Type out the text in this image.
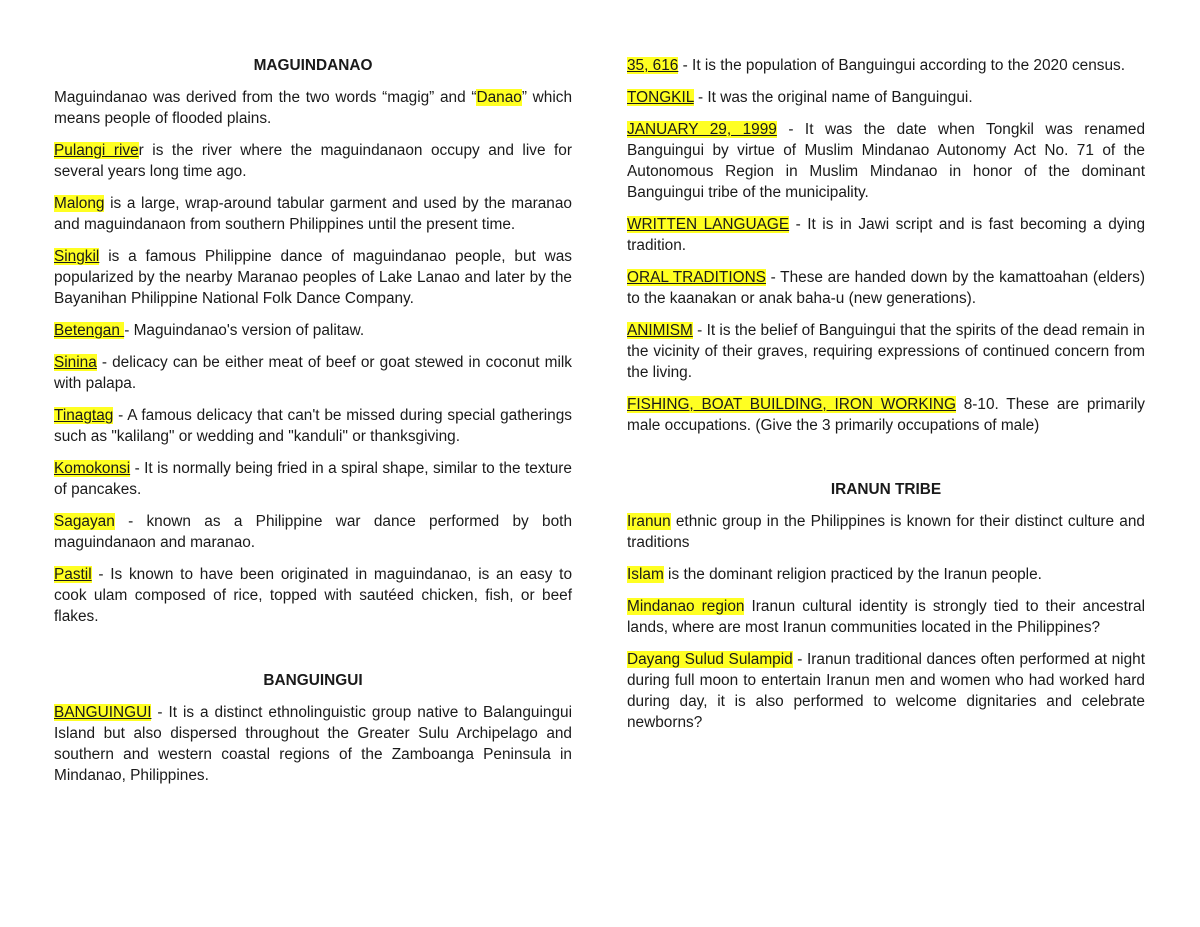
MAGUINDANAO
Maguindanao was derived from the two words “magig” and “Danao” which means people of flooded plains.
Pulangi river is the river where the maguindanaon occupy and live for several years long time ago.
Malong is a large, wrap-around tabular garment and used by the maranao and maguindanaon from southern Philippines until the present time.
Singkil is a famous Philippine dance of maguindanao people, but was popularized by the nearby Maranao peoples of Lake Lanao and later by the Bayanihan Philippine National Folk Dance Company.
Betengan - Maguindanao's version of palitaw.
Sinina - delicacy can be either meat of beef or goat stewed in coconut milk with palapa.
Tinagtag - A famous delicacy that can't be missed during special gatherings such as "kalilang" or wedding and "kanduli" or thanksgiving.
Komokonsi - It is normally being fried in a spiral shape, similar to the texture of pancakes.
Sagayan - known as a Philippine war dance performed by both maguindanaon and maranao.
Pastil - Is known to have been originated in maguindanao, is an easy to cook ulam composed of rice, topped with sautéed chicken, fish, or beef flakes.
BANGUINGUI
BANGUINGUI - It is a distinct ethnolinguistic group native to Balanguingui Island but also dispersed throughout the Greater Sulu Archipelago and southern and western coastal regions of the Zamboanga Peninsula in Mindanao, Philippines.
35, 616 - It is the population of Banguingui according to the 2020 census.
TONGKIL - It was the original name of Banguingui.
JANUARY 29, 1999 - It was the date when Tongkil was renamed Banguingui by virtue of Muslim Mindanao Autonomy Act No. 71 of the Autonomous Region in Muslim Mindanao in honor of the dominant Banguingui tribe of the municipality.
WRITTEN LANGUAGE - It is in Jawi script and is fast becoming a dying tradition.
ORAL TRADITIONS - These are handed down by the kamattoahan (elders) to the kaanakan or anak baha-u (new generations).
ANIMISM - It is the belief of Banguingui that the spirits of the dead remain in the vicinity of their graves, requiring expressions of continued concern from the living.
FISHING, BOAT BUILDING, IRON WORKING 8-10. These are primarily male occupations. (Give the 3 primarily occupations of male)
IRANUN TRIBE
Iranun ethnic group in the Philippines is known for their distinct culture and traditions
Islam is the dominant religion practiced by the Iranun people.
Mindanao region Iranun cultural identity is strongly tied to their ancestral lands, where are most Iranun communities located in the Philippines?
Dayang Sulud Sulampid - Iranun traditional dances often performed at night during full moon to entertain Iranun men and women who had worked hard during day, it is also performed to welcome dignitaries and celebrate newborns?
